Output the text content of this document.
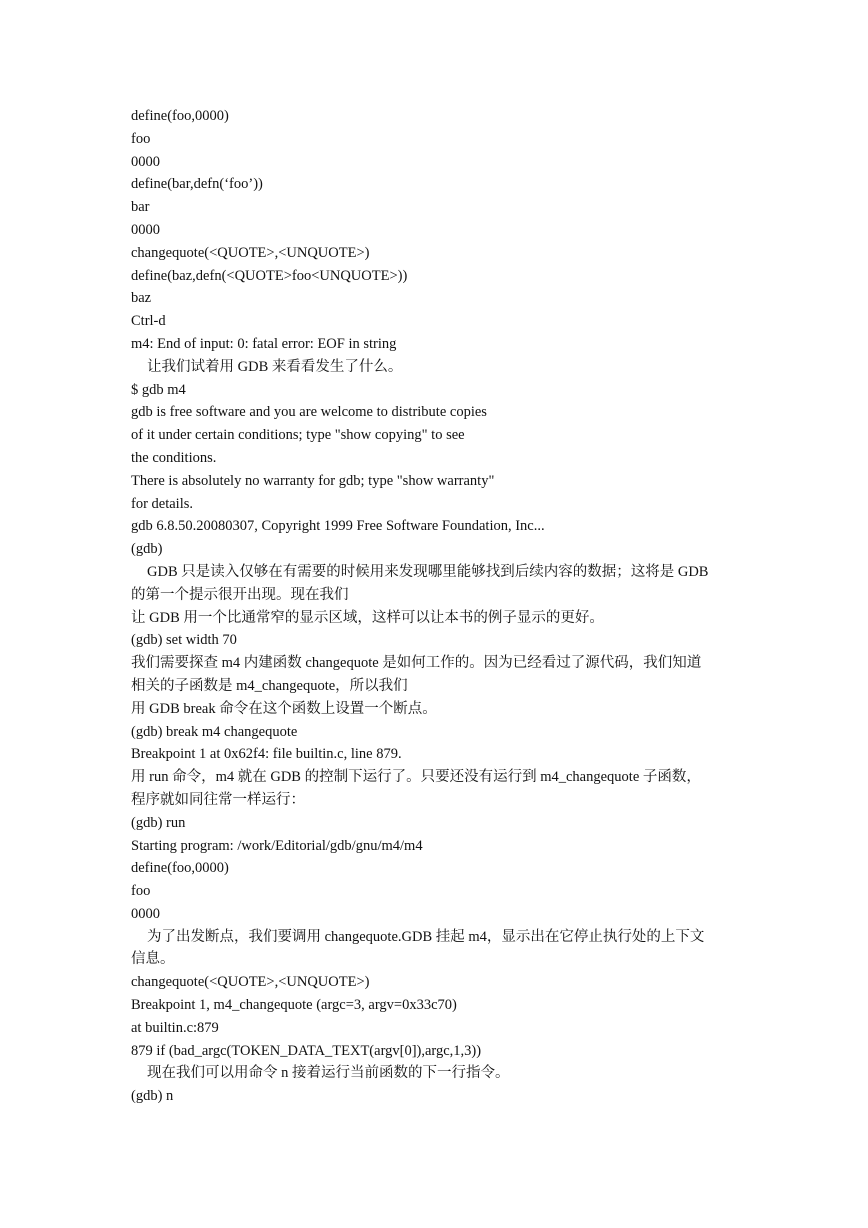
define(foo,0000)
foo
0000
define(bar,defn(‘foo’))
bar
0000
changequote(<QUOTE>,<UNQUOTE>)
define(baz,defn(<QUOTE>foo<UNQUOTE>))
baz
Ctrl-d
m4: End of input: 0: fatal error: EOF in string
让我们试着用 GDB 来看看发生了什么。
$ gdb m4
gdb is free software and you are welcome to distribute copies
of it under certain conditions; type "show copying" to see
the conditions.
There is absolutely no warranty for gdb; type "show warranty"
for details.
gdb 6.8.50.20080307, Copyright 1999 Free Software Foundation, Inc...
(gdb)
GDB 只是读入仅够在有需要的时候用来发现哪里能够找到后续内容的数据；这将是 GDB
的第一个提示很开出现。现在我们
让 GDB 用一个比通常窄的显示区域，这样可以让本书的例子显示的更好。
(gdb) set width 70
我们需要探查 m4 内建函数 changequote 是如何工作的。因为已经看过了源代码，我们知道
相关的子函数是 m4_changequote，所以我们
用 GDB break 命令在这个函数上设置一个断点。
(gdb) break m4 changequote
Breakpoint 1 at 0x62f4: file builtin.c, line 879.
用 run 命令，m4 就在 GDB 的控制下运行了。只要还没有运行到 m4_changequote 子函数，
程序就如同往常一样运行：
(gdb) run
Starting program: /work/Editorial/gdb/gnu/m4/m4
define(foo,0000)
foo
0000
为了出发断点，我们要调用 changequote.GDB 挂起 m4，显示出在它停止执行处的上下文
信息。
changequote(<QUOTE>,<UNQUOTE>)
Breakpoint 1, m4_changequote (argc=3, argv=0x33c70)
at builtin.c:879
879 if (bad_argc(TOKEN_DATA_TEXT(argv[0]),argc,1,3))
现在我们可以用命令 n 接着运行当前函数的下一行指令。
(gdb) n
